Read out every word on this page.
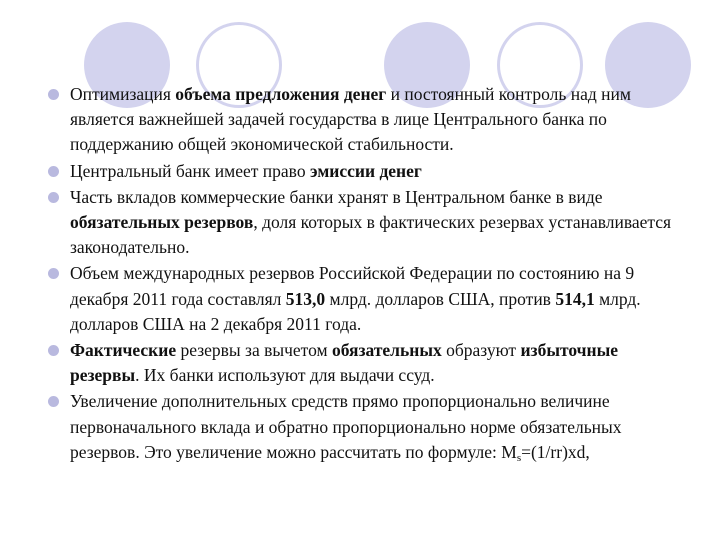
Оптимизация объема предложения денег и постоянный контроль над ним является важнейшей задачей государства в лице Центрального банка по поддержанию общей экономической стабильности.
Центральный банк имеет право эмиссии денег
Часть вкладов коммерческие банки хранят в Центральном банке в виде обязательных резервов, доля которых в фактических резервах устанавливается законодательно.
Объем международных резервов Российской Федерации по состоянию на 9 декабря 2011 года составлял 513,0 млрд. долларов США, против 514,1 млрд. долларов США на 2 декабря 2011 года.
Фактические резервы за вычетом обязательных образуют избыточные резервы. Их банки используют для выдачи ссуд.
Увеличение дополнительных средств прямо пропорционально величине первоначального вклада и обратно пропорционально норме обязательных резервов. Это увеличение можно рассчитать по формуле: $M_s=(1/rr)xd$,
